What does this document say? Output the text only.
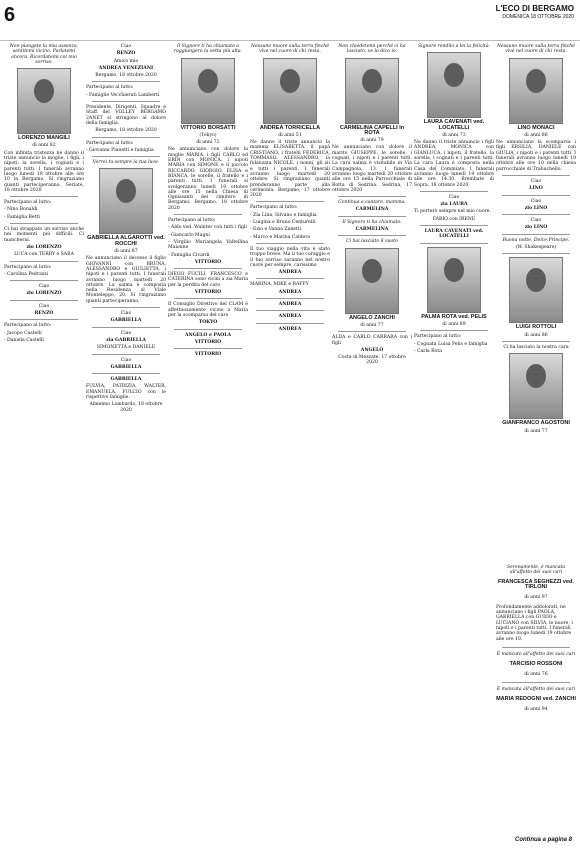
6	L'ECO DI BERGAMO
DOMENICA 18 OTTOBRE 2020

Non piangete la mia assenza, sentitemi vicino. Parlatemi ancora. Ricordatemi col mio sorriso.

LORENZO MANGILI

di anni 82

Con infinita tristezza ne danno il triste annuncio la moglie, i figli, i nipoti, la sorella, i cognati e i parenti tutti. I funerali avranno luogo lunedì 19 ottobre alle ore 10 in Bergamo. Si ringraziano quanti parteciperanno. Seriate, 18 ottobre 2020

Partecipano al lutto:

- Nino Bonaldi

- Famiglia Betti

Ci hai strappato un sorriso anche nei momenti più difficili. Ci mancherai.

zio LORENZO

LUCA con TERRY e SARA

Partecipano al lutto:

- Carolina Pedrazzi

Ciao

zio LORENZO

Ciao

RENZO

Partecipano al lutto:

- Jacopo Castelli

- Daniela Castelli

Ciao

RENZO

Amico mio

ANDREA VENEZIANI

Bergamo, 18 ottobre 2020

Partecipano al lutto:

- Famiglie Vecchierati Lamberti

Presidente, Dirigenti, Squadre e Staff del VOLLEY BERGAMO 2ANET si stringono al dolore della famiglia.

Bergamo, 18 ottobre 2020

Partecipano al lutto:

- Giovanni Pianetti e famiglia

Vorrei tu sempre la tua luce.

GABRIELLA ALGAROTTI ved. ROCCHI

di anni 87

Ne annunciano il decesso il figlio GIOVANNI con BRUNA, ALESSANDRO e GIULIETTA, i nipoti e i parenti tutti. I funerali avranno luogo martedì 20 ottobre. La salma è composta nella Residenza al Viale Monteleppo, 20. Si ringraziano quanti parteciperanno.

Ciao

GABRIELLA

Ciao

zia GABRIELLA

SIMONETTA e DANIELE

Ciao

GABRIELLA

GABRIELLA

FULVIA, PATRIZIA, WALTER, EMANUELA, FULCIO con le rispettive famiglie.

Almenno Lombardo, 18 ottobre 2020

Il Signore ti ha chiamato a raggiungere la vetta più alta.

VITTORIO BORSATTI

(Tokyo)

di anni 72

Ne annunciano con dolore la moglie MARIA, i figli CARLO ed ERIN con MONICA, i nipoti MARIA con SIMONE e il piccolo RICCARDO, GIORGIO, ELISA e BIANCA, le sorelle, il fratello e i parenti tutti. I funerali si svolgeranno lunedì 19 ottobre alle ore 15 nella Chiesa di Ognissanti del cimitero di Bergamo. Bergamo, 18 ottobre 2020

Partecipano al lutto:

- Aldo ved. Wainter con tutti i figli

- Giancarlo Magni

- Virgilio Mariangela Valtellina Maionne

- Famiglia Civardi

VITTORIO

DIEGO FUCILI, FRANCESCO e CATERINA sono vicini a zia Maria per la perdita del caro

VITTORIO

Il Consiglio Direttivo del CLAM è affettuosamente vicino a Maria per la scomparsa del caro

TOKYO

ANGELO e PAOLA

VITTORIO

VITTORIO

Nessuno muore sulla terra finché vive nel cuore di chi resta.

ANDREA TORRICELLA

di anni 51

Ne danno il triste annuncio la mamma ELISABETTA, il papà CRISTIANO, i fratelli FEDERICA, TOMMASO, ALESSANDRO, la fidanzata NICOLE, i nonni, gli zii e tutti i parenti. I funerali avranno luogo martedì 20 ottobre. Si ringraziano quanti prenderanno parte alla cerimonia. Bergamo, 17 ottobre 2020

Partecipano al lutto:

- Zia Lina, Silvano e famiglia

- Luigina e Bruno Centurelli

- Ezio e Vanna Zanetti

- Marco e Marina Caldero

Il tuo viaggio nella vita è stato troppo breve. Ma il tuo coraggio e il tuo sorriso saranno nel nostro cuore per sempre, carissimo

ANDREA

MARINA, MIKE e RAFFY

ANDREA

ANDREA

ANDREA

ANDREA

Non chiedetemi perché ci ha lasciato, ve lo dico io.

CARMELINA CAPELLI in ROTA

di anni 79

Ne annunciano con dolore il marito GIUSEPPE, le sorelle, i cognati, i nipoti e i parenti tutti. La cara salma è visitabile in Via Campagnola, 13. I funerali avranno luogo martedì 20 ottobre alle ore 15 nella Parrocchiale di Botta di Sedrina. Sedrina, 17 ottobre 2020

Continua a cantare, mamma.

CARMELINA

Il Signore ti ha chiamato.

CARMELINA

Ci hai lasciato il vuoto

ANGELO ZANCHI

di anni 77

ALDA e CARLO CARRARA con i figli

ANGELO

Costa di Mezzate, 17 ottobre 2020

Signore rendilo a lei la felicità.

LAURA CAVENATI ved. LOCATELLI

di anni 73

Ne danno il triste annuncio i figli ANDREA, MONICA con GIANLUCA, i nipoti, il fratello, la sorella, i cognati e i parenti tutti. La cara Laura è composta nella Casa del Commiato. I funerali avranno luogo lunedì 19 ottobre alle ore 14.30. Brembate di Sopra, 18 ottobre 2020

Ciao

zia LAURA

Ti porterò sempre nel mio cuore.

FABIO con IRENE

LAURA CAVENATI ved. LOCATELLI

PALMA ROTA ved. PELIS

di anni 89

Partecipano al lutto:

- Cognata Luisa Pelis e famiglia

- Carla Rota

Nessuno muore sulla terra finché vive nel cuore di chi resta.

LINO MONACI

di anni 86

Ne annunciano la scomparsa i figli ERSILIA, DANIELE con GIULIA, i nipoti e i parenti tutti. I funerali avranno luogo lunedì 19 ottobre alle ore 10 nella chiesa parrocchiale di Trabuchello.

Ciao

LINO

Ciao

zio LINO

Ciao

zio LINO

Buona notte, Dolce Principe.

(W. Shakespeare)

LUIGI ROTTOLI

di anni 86

Ci ha lasciato la nostra cara

GIANFRANCO AGOSTONI

di anni 77

Serenamente, è mancata all'affetto dei suoi cari

FRANCESCA SEGHEZZI ved. TIRLONI

di anni 97

Profondamente addolorati, ne annunciano i figli PAOLA, GABRIELLA con GUIDO e LUCIANO con SILVIA, le nuore, i nipoti e i parenti tutti. I funerali avranno luogo lunedì 19 ottobre alle ore 10.

È mancato all'affetto dei suoi cari

TARCISIO ROSSONI

di anni 76

È mancata all'affetto dei suoi cari

MARIA REDOGNI ved. ZANCHI

di anni 94

Continua a pagina 8
